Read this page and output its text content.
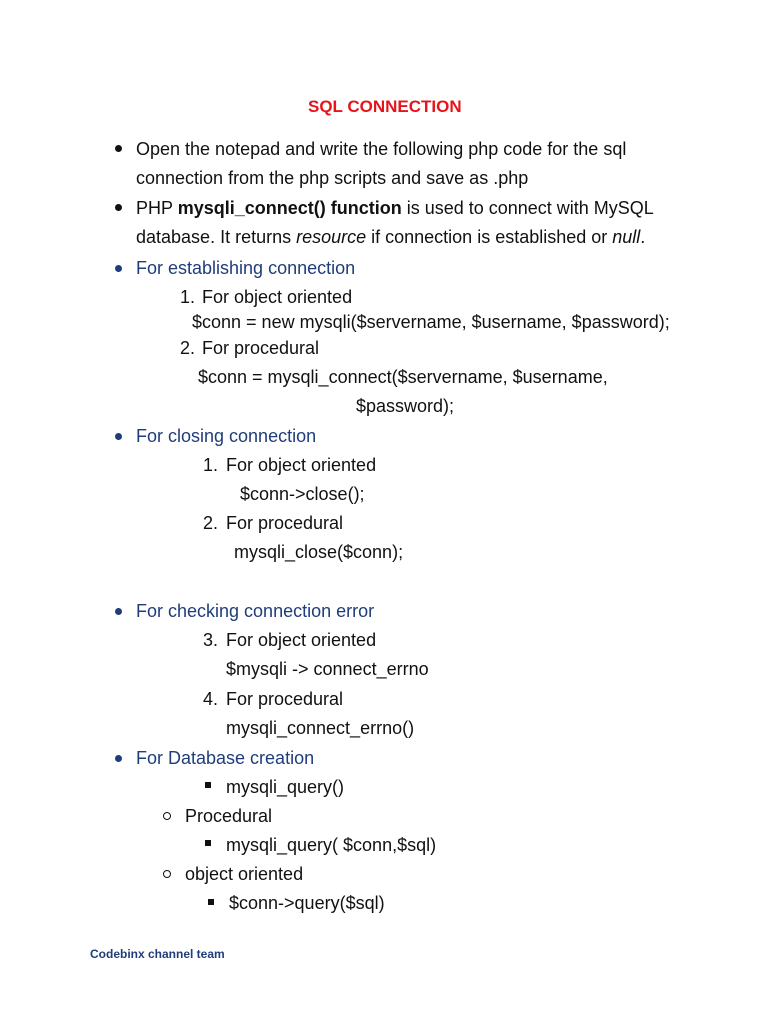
SQL CONNECTION
Open the notepad and write the following php code for the sql
connection from the php scripts and save as .php
PHP mysqli_connect() function is used to connect with MySQL
database. It returns resource if connection is established or null.
For establishing connection
1. For object oriented
$conn = new mysqli($servername, $username, $password);
2. For procedural
$conn = mysqli_connect($servername, $username,
$password);
For closing connection
1. For object oriented
$conn->close();
2. For procedural
mysqli_close($conn);
For checking connection error
3. For object oriented
$mysqli -> connect_errno
4. For procedural
mysqli_connect_errno()
For Database creation
mysqli_query()
Procedural
mysqli_query( $conn,$sql)
object oriented
$conn->query($sql)
Codebinx channel team
